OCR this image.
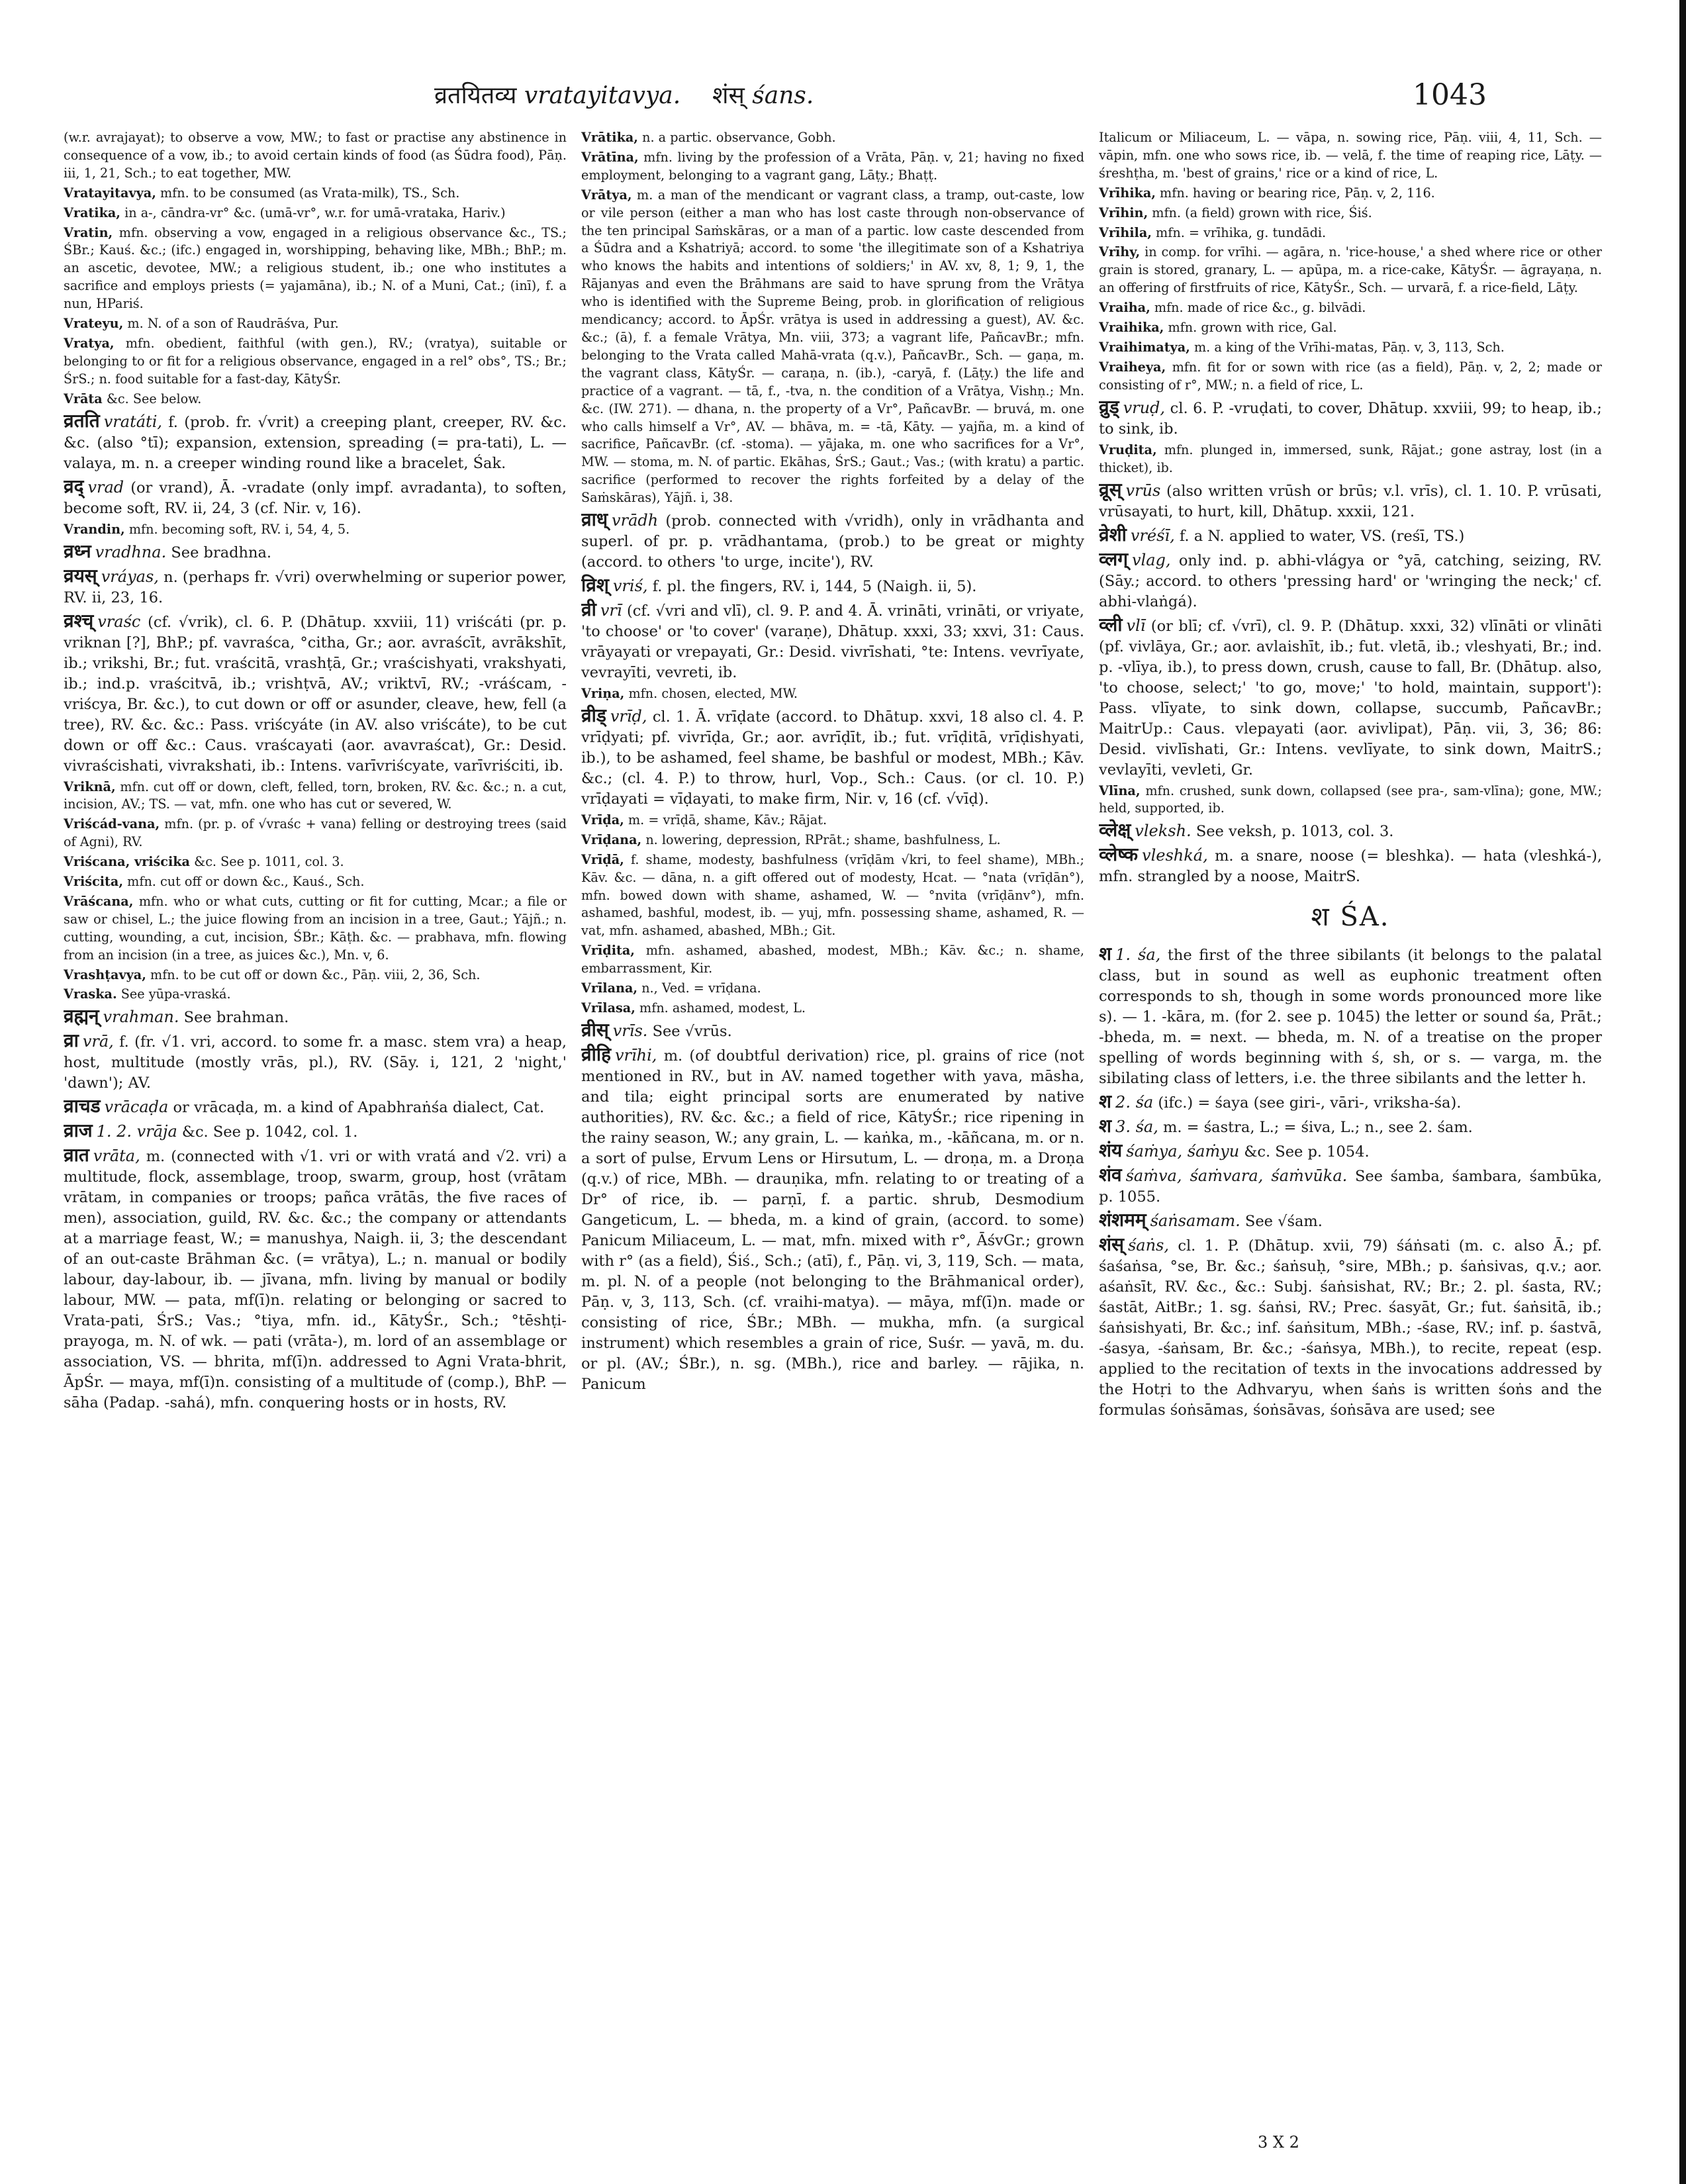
व्रतयितव्य vratayitavya. शंस् śans.	1043

(w.r. avrajayat); to observe a vow, MW.; to fast or practise any abstinence in consequence of a vow, ib.; to avoid certain kinds of food (as Śūdra food), Pāṇ. iii, 1, 21, Sch.; to eat together, MW.

Vratayitavya, mfn. to be consumed (as Vrata-milk), TS., Sch.

Vratika, in a-, cāndra-vr° &c. (umā-vr°, w.r. for umā-vrataka, Hariv.)

Vratin, mfn. observing a vow, engaged in a religious observance &c., TS.; ŚBr.; Kauś. &c.; (ifc.) engaged in, worshipping, behaving like, MBh.; BhP.; m. an ascetic, devotee, MW.; a religious student, ib.; one who institutes a sacrifice and employs priests (= yajamāna), ib.; N. of a Muni, Cat.; (inī), f. a nun, HPariś.

Vrateyu, m. N. of a son of Raudrāśva, Pur.

Vratya, mfn. obedient, faithful (with gen.), RV.; (vratya), suitable or belonging to or fit for a religious observance, engaged in a rel° obs°, TS.; Br.; ŚrS.; n. food suitable for a fast-day, KātyŚr.

Vrāta &c. See below.

व्रतति vratáti, f. (prob. fr. √vrit) a creeping plant, creeper, RV. &c. &c. (also °tī); expansion, extension, spreading (= pra-tati), L. — valaya, m. n. a creeper winding round like a bracelet, Śak.

व्रद् vrad (or vrand), Ā. -vradate (only impf. avradanta), to soften, become soft, RV. ii, 24, 3 (cf. Nir. v, 16).

Vrandin, mfn. becoming soft, RV. i, 54, 4, 5.

व्रध्न vradhna. See bradhna.

व्रयस् vráyas, n. (perhaps fr. √vri) overwhelming or superior power, RV. ii, 23, 16.

व्रश्च् vraśc (cf. √vrik), cl. 6. P. (Dhātup. xxviii, 11) vriścáti (pr. p. vriknan [?], BhP.; pf. vavraśca, °citha, Gr.; aor. avraścīt, avrākshīt, ib.; vrikshi, Br.; fut. vraścitā, vrashṭā, Gr.; vraścishyati, vrakshyati, ib.; ind.p. vraścitvā, ib.; vrishṭvā, AV.; vriktvī, RV.; -vráścam, -vriścya, Br. &c.), to cut down or off or asunder, cleave, hew, fell (a tree), RV. &c. &c.: Pass. vriścyáte (in AV. also vriścáte), to be cut down or off &c.: Caus. vraścayati (aor. avavraścat), Gr.: Desid. vivraścishati, vivrakshati, ib.: Intens. varīvriścyate, varīvriściti, ib.

Vriknā, mfn. cut off or down, cleft, felled, torn, broken, RV. &c. &c.; n. a cut, incision, AV.; TS. — vat, mfn. one who has cut or severed, W.

Vriścád-vana, mfn. (pr. p. of √vraśc + vana) felling or destroying trees (said of Agni), RV.

Vriścana, vriścika &c. See p. 1011, col. 3.

Vriścita, mfn. cut off or down &c., Kauś., Sch.

Vrāścana, mfn. who or what cuts, cutting or fit for cutting, Mcar.; a file or saw or chisel, L.; the juice flowing from an incision in a tree, Gaut.; Yājñ.; n. cutting, wounding, a cut, incision, ŚBr.; Kāṭh. &c. — prabhava, mfn. flowing from an incision (in a tree, as juices &c.), Mn. v, 6.

Vrashṭavya, mfn. to be cut off or down &c., Pāṇ. viii, 2, 36, Sch.

Vraska. See yūpa-vraská.

व्रह्मन् vrahman. See brahman.

व्रा vrā, f. (fr. √1. vri, accord. to some fr. a masc. stem vra) a heap, host, multitude (mostly vrās, pl.), RV. (Sāy. i, 121, 2 'night,' 'dawn'); AV.

व्राचड vrācaḍa or vrācaḍa, m. a kind of Apabhraṅśa dialect, Cat.

व्राज 1. 2. vrāja &c. See p. 1042, col. 1.

व्रात vrāta, m. (connected with √1. vri or with vratá and √2. vri) a multitude, flock, assemblage, troop, swarm, group, host (vrātam vrātam, in companies or troops; pañca vrātās, the five races of men), association, guild, RV. &c. &c.; the company or attendants at a marriage feast, W.; = manushya, Naigh. ii, 3; the descendant of an out-caste Brāhman &c. (= vrātya), L.; n. manual or bodily labour, day-labour, ib. — jīvana, mfn. living by manual or bodily labour, MW. — pata, mf(ī)n. relating or belonging or sacred to Vrata-pati, ŚrS.; Vas.; °tiya, mfn. id., KātyŚr., Sch.; °tēshṭi-prayoga, m. N. of wk. — pati (vrāta-), m. lord of an assemblage or association, VS. — bhrita, mf(ī)n. addressed to Agni Vrata-bhrit, ĀpŚr. — maya, mf(ī)n. consisting of a multitude of (comp.), BhP. — sāha (Padap. -sahá), mfn. conquering hosts or in hosts, RV.

Vrātika, n. a partic. observance, Gobh.

Vrātīna, mfn. living by the profession of a Vrāta, Pāṇ. v, 21; having no fixed employment, belonging to a vagrant gang, Lāṭy.; Bhaṭṭ.

Vrātya, m. a man of the mendicant or vagrant class, a tramp, out-caste, low or vile person (either a man who has lost caste through non-observance of the ten principal Saṁskāras, or a man of a partic. low caste descended from a Śūdra and a Kshatriyā; accord. to some 'the illegitimate son of a Kshatriya who knows the habits and intentions of soldiers;' in AV. xv, 8, 1; 9, 1, the Rājanyas and even the Brāhmans are said to have sprung from the Vrātya who is identified with the Supreme Being, prob. in glorification of religious mendicancy; accord. to ĀpŚr. vrātya is used in addressing a guest), AV. &c. &c.; (ā), f. a female Vrātya, Mn. viii, 373; a vagrant life, PañcavBr.; mfn. belonging to the Vrata called Mahā-vrata (q.v.), PañcavBr., Sch. — gaṇa, m. the vagrant class, KātyŚr. — caraṇa, n. (ib.), -caryā, f. (Lāṭy.) the life and practice of a vagrant. — tā, f., -tva, n. the condition of a Vrātya, Vishṇ.; Mn. &c. (IW. 271). — dhana, n. the property of a Vr°, PañcavBr. — bruvá, m. one who calls himself a Vr°, AV. — bhāva, m. = -tā, Kāty. — yajña, m. a kind of sacrifice, PañcavBr. (cf. -stoma). — yājaka, m. one who sacrifices for a Vr°, MW. — stoma, m. N. of partic. Ekāhas, ŚrS.; Gaut.; Vas.; (with kratu) a partic. sacrifice (performed to recover the rights forfeited by a delay of the Saṁskāras), Yājñ. i, 38.

व्राध् vrādh (prob. connected with √vridh), only in vrādhanta and superl. of pr. p. vrādhantama, (prob.) to be great or mighty (accord. to others 'to urge, incite'), RV.

व्रिश् vriś, f. pl. the fingers, RV. i, 144, 5 (Naigh. ii, 5).

व्री vrī (cf. √vri and vlī), cl. 9. P. and 4. Ā. vrināti, vrināti, or vriyate, 'to choose' or 'to cover' (varaṇe), Dhātup. xxxi, 33; xxvi, 31: Caus. vrāyayati or vrepayati, Gr.: Desid. vivrīshati, °te: Intens. vevrīyate, vevrayīti, vevreti, ib.

Vriṇa, mfn. chosen, elected, MW.

व्रीड् vrīḍ, cl. 1. Ā. vrīḍate (accord. to Dhātup. xxvi, 18 also cl. 4. P. vrīḍyati; pf. vivrīḍa, Gr.; aor. avrīḍīt, ib.; fut. vrīḍitā, vrīḍishyati, ib.), to be ashamed, feel shame, be bashful or modest, MBh.; Kāv. &c.; (cl. 4. P.) to throw, hurl, Vop., Sch.: Caus. (or cl. 10. P.) vrīḍayati = vīḍayati, to make firm, Nir. v, 16 (cf. √vīḍ).

Vrīḍa, m. = vrīḍā, shame, Kāv.; Rājat.

Vrīḍana, n. lowering, depression, RPrāt.; shame, bashfulness, L.

Vrīḍā, f. shame, modesty, bashfulness (vrīḍām √kri, to feel shame), MBh.; Kāv. &c. — dāna, n. a gift offered out of modesty, Hcat. — °nata (vrīḍān°), mfn. bowed down with shame, ashamed, W. — °nvita (vrīḍānv°), mfn. ashamed, bashful, modest, ib. — yuj, mfn. possessing shame, ashamed, R. — vat, mfn. ashamed, abashed, MBh.; Git.

Vrīḍita, mfn. ashamed, abashed, modest, MBh.; Kāv. &c.; n. shame, embarrassment, Kir.

Vrīlana, n., Ved. = vrīḍana.

Vrīlasa, mfn. ashamed, modest, L.

व्रीस् vrīs. See √vrūs.

व्रीहि vrīhi, m. (of doubtful derivation) rice, pl. grains of rice (not mentioned in RV., but in AV. named together with yava, māsha, and tila; eight principal sorts are enumerated by native authorities), RV. &c. &c.; a field of rice, KātyŚr.; rice ripening in the rainy season, W.; any grain, L. — kaṅka, m., -kāñcana, m. or n. a sort of pulse, Ervum Lens or Hirsutum, L. — droṇa, m. a Droṇa (q.v.) of rice, MBh. — drauṇika, mfn. relating to or treating of a Dr° of rice, ib. — parṇī, f. a partic. shrub, Desmodium Gangeticum, L. — bheda, m. a kind of grain, (accord. to some) Panicum Miliaceum, L. — mat, mfn. mixed with r°, ĀśvGr.; grown with r° (as a field), Śiś., Sch.; (atī), f., Pāṇ. vi, 3, 119, Sch. — mata, m. pl. N. of a people (not belonging to the Brāhmanical order), Pāṇ. v, 3, 113, Sch. (cf. vraihi-matya). — māya, mf(ī)n. made or consisting of rice, ŚBr.; MBh. — mukha, mfn. (a surgical instrument) which resembles a grain of rice, Suśr. — yavā, m. du. or pl. (AV.; ŚBr.), n. sg. (MBh.), rice and barley. — rājika, n. Panicum

Italicum or Miliaceum, L. — vāpa, n. sowing rice, Pāṇ. viii, 4, 11, Sch. — vāpin, mfn. one who sows rice, ib. — velā, f. the time of reaping rice, Lāṭy. — śreshṭha, m. 'best of grains,' rice or a kind of rice, L.

Vrīhika, mfn. having or bearing rice, Pāṇ. v, 2, 116.

Vrīhin, mfn. (a field) grown with rice, Śiś.

Vrīhila, mfn. = vrīhika, g. tundādi.

Vrīhy, in comp. for vrīhi. — agāra, n. 'rice-house,' a shed where rice or other grain is stored, granary, L. — apūpa, m. a rice-cake, KātyŚr. — āgrayaṇa, n. an offering of firstfruits of rice, KātyŚr., Sch. — urvarā, f. a rice-field, Lāṭy.

Vraiha, mfn. made of rice &c., g. bilvādi.

Vraihika, mfn. grown with rice, Gal.

Vraihimatya, m. a king of the Vrīhi-matas, Pāṇ. v, 3, 113, Sch.

Vraiheya, mfn. fit for or sown with rice (as a field), Pāṇ. v, 2, 2; made or consisting of r°, MW.; n. a field of rice, L.

व्रुड् vruḍ, cl. 6. P. -vruḍati, to cover, Dhātup. xxviii, 99; to heap, ib.; to sink, ib.

Vruḍita, mfn. plunged in, immersed, sunk, Rājat.; gone astray, lost (in a thicket), ib.

व्रूस् vrūs (also written vrūsh or brūs; v.l. vrīs), cl. 1. 10. P. vrūsati, vrūsayati, to hurt, kill, Dhātup. xxxii, 121.

व्रेशी vréśī, f. a N. applied to water, VS. (reśī, TS.)

व्लग् vlag, only ind. p. abhi-vlágya or °yā, catching, seizing, RV. (Sāy.; accord. to others 'pressing hard' or 'wringing the neck;' cf. abhi-vlaṅgá).

व्ली vlī (or blī; cf. √vrī), cl. 9. P. (Dhātup. xxxi, 32) vlīnāti or vlināti (pf. vivlāya, Gr.; aor. avlaishīt, ib.; fut. vletā, ib.; vleshyati, Br.; ind. p. -vlīya, ib.), to press down, crush, cause to fall, Br. (Dhātup. also, 'to choose, select;' 'to go, move;' 'to hold, maintain, support'): Pass. vlīyate, to sink down, collapse, succumb, PañcavBr.; MaitrUp.: Caus. vlepayati (aor. avivlipat), Pāṇ. vii, 3, 36; 86: Desid. vivlīshati, Gr.: Intens. vevlīyate, to sink down, MaitrS.; vevlayīti, vevleti, Gr.

Vlīna, mfn. crushed, sunk down, collapsed (see pra-, sam-vlīna); gone, MW.; held, supported, ib.

व्लेक्ष् vleksh. See veksh, p. 1013, col. 3.

व्लेष्क vleshká, m. a snare, noose (= bleshka). — hata (vleshká-), mfn. strangled by a noose, MaitrS.

श ŚA.

श 1. śa, the first of the three sibilants (it belongs to the palatal class, but in sound as well as euphonic treatment often corresponds to sh, though in some words pronounced more like s). — 1. -kāra, m. (for 2. see p. 1045) the letter or sound śa, Prāt.; -bheda, m. = next. — bheda, m. N. of a treatise on the proper spelling of words beginning with ś, sh, or s. — varga, m. the sibilating class of letters, i.e. the three sibilants and the letter h.

श 2. śa (ifc.) = śaya (see giri-, vāri-, vriksha-śa).

श 3. śa, m. = śastra, L.; = śiva, L.; n., see 2. śam.

शंय śaṁya, śaṁyu &c. See p. 1054.

शंव śaṁva, śaṁvara, śaṁvūka. See śamba, śambara, śambūka, p. 1055.

शंशमम् śaṅsamam. See √śam.

शंस् śaṅs, cl. 1. P. (Dhātup. xvii, 79) śáṅsati (m. c. also Ā.; pf. śaśaṅsa, °se, Br. &c.; śaṅsuḥ, °sire, MBh.; p. śaṅsivas, q.v.; aor. aśaṅsīt, RV. &c., &c.: Subj. śaṅsishat, RV.; Br.; 2. pl. śasta, RV.; śastāt, AitBr.; 1. sg. śaṅsi, RV.; Prec. śasyāt, Gr.; fut. śaṅsitā, ib.; śaṅsishyati, Br. &c.; inf. śaṅsitum, MBh.; -śase, RV.; inf. p. śastvā, -śasya, -śaṅsam, Br. &c.; -śaṅsya, MBh.), to recite, repeat (esp. applied to the recitation of texts in the invocations addressed by the Hotṛi to the Adhvaryu, when śaṅs is written śoṅs and the formulas śoṅsāmas, śoṅsāvas, śoṅsāva are used; see

3 X 2
